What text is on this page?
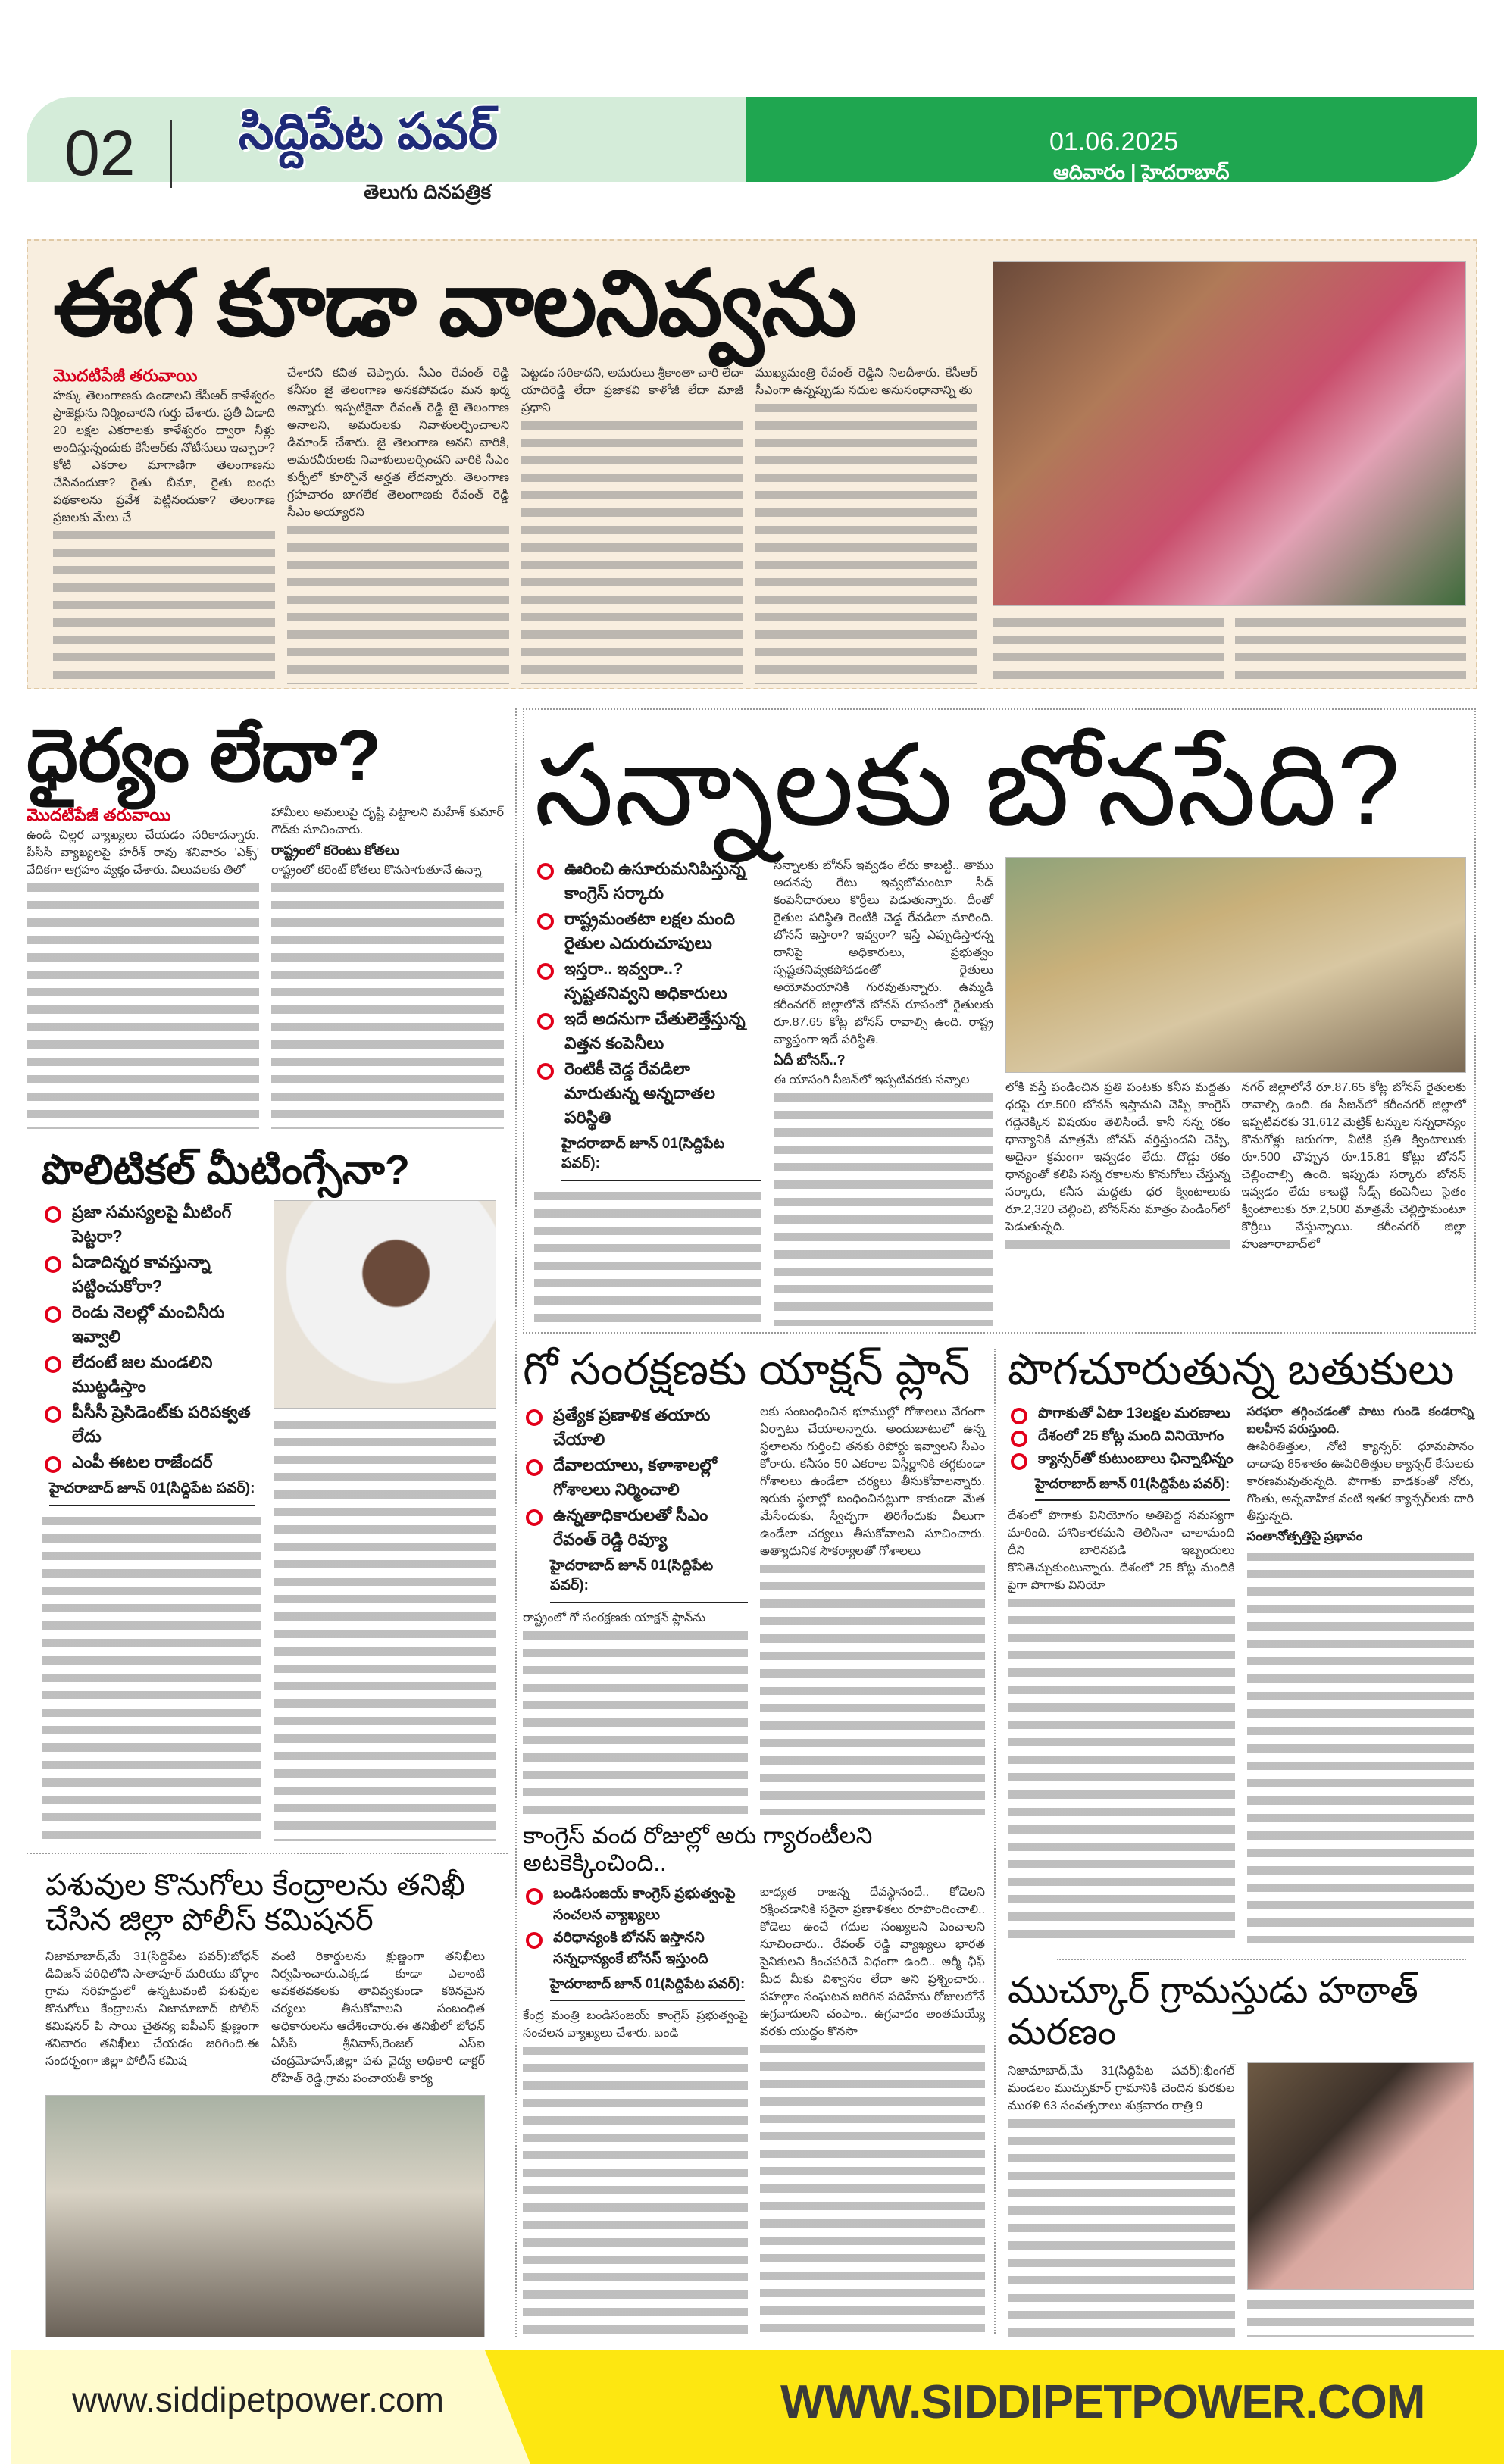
02 సిద్దిపేట పవర్
తెలుగు దినపత్రిక
01.06.2025
ఆదివారం | హైదరాబాద్
ఈగ కూడా వాలనివ్వను
మొదటిపేజీ తరువాయి
హక్కు తెలంగాణకు ఉండాలని కేసీఆర్ కాళేశ్వరం ప్రాజెక్టును నిర్మించారని గుర్తు చేశారు. ప్రతీ ఏడాది 20 లక్షల ఎకరాలకు కాళేశ్వరం ద్వారా నీళ్లు అందిస్తున్నందుకు కేసీఆర్‌కు నోటీసులు ఇచ్చారా? కోటి ఎకరాల మాగాణిగా తెలంగాణను చేసినందుకా? రైతు బీమా, రైతు బంధు పథకాలను ప్రవేశ పెట్టినందుకా? తెలంగాణ ప్రజలకు మేలు చే
చేశారని కవిత చెప్పారు. సీఎం రేవంత్ రెడ్డి కనీసం జై తెలంగాణ అనకపోవడం మన ఖర్మ అన్నారు. ఇప్పటికైనా రేవంత్ రెడ్డి జై తెలంగాణ అనాలని, అమరులకు నివాళులర్పించాలని డిమాండ్ చేశారు. జై తెలంగాణ అనని వారికి, అమరవీరులకు నివాళులులర్పించని వారికి సీఎం కుర్చీలో కూర్చొనే అర్హత లేదన్నారు. తెలంగాణ గ్రహచారం బాగలేక తెలంగాణకు రేవంత్ రెడ్డి సీఎం అయ్యారని
పెట్టడం సరికాదని, అమరులు శ్రీకాంతా చారి లేదా యాదిరెడ్డి లేదా ప్రజాకవి కాళోజీ లేదా మాజీ ప్రధాని
ముఖ్యమంత్రి రేవంత్ రెడ్డిని నిలదీశారు. కేసీఆర్ సీఎంగా ఉన్నప్పుడు నదుల అనుసంధానాన్ని తు
ధైర్యం లేదా?
మొదటిపేజీ తరువాయి
ఉండి చిల్లర వ్యాఖ్యలు చేయడం సరికాదన్నారు. పీసీసీ వ్యాఖ్యలపై హరీశ్ రావు శనివారం 'ఎక్స్' వేదికగా ఆగ్రహం వ్యక్తం చేశారు. విలువలకు తిలో
హామీలు అమలుపై దృష్టి పెట్టాలని మహేశ్ కుమార్ గౌడ్‌కు సూచించారు.
రాష్ట్రంలో కరెంటు కోతలు
రాష్ట్రంలో కరెంట్ కోతలు కొనసాగుతూనే ఉన్నా
సన్నాలకు బోనసేది?
ఊరించి ఉసూరుమనిపిస్తున్న కాంగ్రెస్ సర్కారు
రాష్ట్రమంతటా లక్షల మంది రైతుల ఎదురుచూపులు
ఇస్తరా.. ఇవ్వరా..? స్పష్టతనివ్వని అధికారులు
ఇదే అదనుగా చేతులెత్తేస్తున్న విత్తన కంపెనీలు
రెంటికీ చెడ్డ రేవడిలా మారుతున్న అన్నదాతల పరిస్థితి
హైదరాబాద్ జూన్ 01(సిద్దిపేట పవర్):
సన్నాలకు బోనస్ ఇవ్వడం లేదు కాబట్టి.. తాము అదనపు రేటు ఇవ్వబోమంటూ సీడ్ కంపెనీదారులు కొర్రీలు పెడుతున్నారు. దీంతో రైతుల పరిస్థితి రెంటికి చెడ్డ రేవడిలా మారింది. బోనస్ ఇస్తారా? ఇవ్వరా? ఇస్తే ఎప్పుడిస్తారన్న దానిపై అధికారులు, ప్రభుత్వం స్పష్టతనివ్వకపోవడంతో రైతులు అయోమయానికి గురవుతున్నారు. ఉమ్మడి కరీంనగర్ జిల్లాలోనే బోనస్ రూపంలో రైతులకు రూ.87.65 కోట్ల బోనస్ రావాల్సి ఉంది. రాష్ట్ర వ్యాప్తంగా ఇదే పరిస్థితి.
ఏదీ బోనస్..?
ఈ యాసంగి సీజన్‌లో ఇప్పటివరకు సన్నాల
లోకి వస్తే పండించిన ప్రతి పంటకు కనీస మద్దతు ధరపై రూ.500 బోనస్ ఇస్తామని చెప్పి కాంగ్రెస్ గద్దెనెక్కిన విషయం తెలిసిందే. కానీ సన్న రకం ధాన్యానికి మాత్రమే బోనస్ వర్తిస్తుందని చెప్పి, అదైనా క్రమంగా ఇవ్వడం లేదు. దొడ్డు రకం ధాన్యంతో కలిపి సన్న రకాలను కొనుగోలు చేస్తున్న సర్కారు, కనీస మద్దతు ధర క్వింటాలుకు రూ.2,320 చెల్లించి, బోనస్‌ను మాత్రం పెండింగ్‌లో పెడుతున్నది.
నగర్ జిల్లాలోనే రూ.87.65 కోట్ల బోనస్ రైతులకు రావాల్సి ఉంది. ఈ సీజన్‌లో కరీంనగర్ జిల్లాలో ఇప్పటివరకు 31,612 మెట్రిక్ టన్నుల సన్నధాన్యం కొనుగోళ్లు జరుగగా, వీటికి ప్రతి క్వింటాలుకు రూ.500 చొప్పున రూ.15.81 కోట్లు బోనస్ చెల్లించాల్సి ఉంది. ఇప్పుడు సర్కారు బోనస్ ఇవ్వడం లేదు కాబట్టి సీడ్స్ కంపెనీలు సైతం క్వింటాలుకు రూ.2,500 మాత్రమే చెల్లిస్తామంటూ కొర్రీలు వేస్తున్నాయి. కరీంనగర్ జిల్లా హుజూరాబాద్‌లో
పొలిటికల్ మీటింగ్సేనా?
ప్రజా సమస్యలపై మీటింగ్ పెట్టరా?
ఏడాదిన్నర కావస్తున్నా పట్టించుకోరా?
రెండు నెలల్లో మంచినీరు ఇవ్వాలి
లేదంటే జల మండలిని ముట్టడిస్తాం
పీసీసీ ప్రెసిడెంట్‌కు పరిపక్వత లేదు
ఎంపీ ఈటల రాజేందర్
హైదరాబాద్ జూన్ 01(సిద్దిపేట పవర్):
పశువుల కొనుగోలు కేంద్రాలను తనిఖీ చేసిన జిల్లా పోలీస్ కమిషనర్
నిజామాబాద్,మే 31(సిద్దిపేట పవర్):బోధన్ డివిజన్ పరిధిలోని సాతాపూర్ మరియు బోర్గాం గ్రామ సరిహద్దులో ఉన్నటువంటి పశువుల కొనుగోలు కేంద్రాలను నిజామాబాద్ పోలీస్ కమిషనర్ పి సాయి చైతన్య ఐపీఎస్ క్షుణ్ణంగా శనివారం తనిఖీలు చేయడం జరిగింది.ఈ సందర్భంగా జిల్లా పోలీస్ కమిష
వంటి రికార్డులను క్షుణ్ణంగా తనిఖీలు నిర్వహించారు.ఎక్కడ కూడా ఎలాంటి అవకతవకలకు తావివ్వకుండా కఠినమైన చర్యలు తీసుకోవాలని సంబంధిత అధికారులను ఆదేశించారు.ఈ తనిఖీలో బోధన్ ఏసీపీ శ్రీనివాస్,రెంజల్ ఎస్ఐ చంద్రమోహన్,జిల్లా పశు వైద్య అధికారి డాక్టర్ రోహిత్ రెడ్డి,గ్రామ పంచాయతీ కార్య
గో సంరక్షణకు యాక్షన్ ప్లాన్
ప్రత్యేక ప్రణాళిక తయారు చేయాలి
దేవాలయాలు, కళాశాలల్లో గోశాలలు నిర్మించాలి
ఉన్నతాధికారులతో సీఎం రేవంత్ రెడ్డి రివ్యూ
హైదరాబాద్ జూన్ 01(సిద్దిపేట పవర్):
రాష్ట్రంలో గో సంరక్షణకు యాక్షన్ ప్లాన్‌ను
లకు సంబంధించిన భూముల్లో గోశాలలు వేగంగా ఏర్పాటు చేయాలన్నారు. అందుబాటులో ఉన్న స్థలాలను గుర్తించి తనకు రిపోర్టు ఇవ్వాలని సీఎం కోరారు. కనీసం 50 ఎకరాల విస్తీర్ణానికి తగ్గకుండా గోశాలలు ఉండేలా చర్యలు తీసుకోవాలన్నారు. ఇరుకు స్థలాల్లో బంధించినట్లుగా కాకుండా మేత మేసేందుకు, స్వేచ్ఛగా తిరిగేందుకు వీలుగా ఉండేలా చర్యలు తీసుకోవాలని సూచించారు. అత్యాధునిక సౌకర్యాలతో గోశాలలు
పొగచూరుతున్న బతుకులు
పొగాకుతో ఏటా 13లక్షల మరణాలు
దేశంలో 25 కోట్ల మంది వినియోగం
క్యాన్సర్‌తో కుటుంబాలు ఛిన్నాభిన్నం
హైదరాబాద్ జూన్ 01(సిద్దిపేట పవర్):
దేశంలో పొగాకు వినియోగం అతిపెద్ద సమస్యగా మారింది. హానికారకమని తెలిసినా చాలామంది దీని బారినపడి ఇబ్బందులు కొనితెచ్చుకుంటున్నారు. దేశంలో 25 కోట్ల మందికి పైగా పొగాకు వినియో
సరఫరా తగ్గించడంతో పాటు గుండె కండరాన్ని బలహీన పరుస్తుంది.
ఊపిరితిత్తుల, నోటి క్యాన్సర్: ధూమపానం దాదాపు 85శాతం ఊపిరితిత్తుల క్యాన్సర్ కేసులకు కారణమవుతున్నది. పొగాకు వాడకంతో నోరు, గొంతు, అన్నవాహిక వంటి ఇతర క్యాన్సర్‌లకు దారి తీస్తున్నది.
సంతానోత్పత్తిపై ప్రభావం
కాంగ్రెస్ వంద రోజుల్లో అరు గ్యారంటీలని అటకెక్కించింది..
బండిసంజయ్ కాంగ్రెస్ ప్రభుత్వంపై సంచలన వ్యాఖ్యలు
వరిధాన్యంకి బోనస్ ఇస్తానని సన్నధాన్యంకే బోనస్ ఇస్తుంది
హైదరాబాద్ జూన్ 01(సిద్దిపేట పవర్):
కేంద్ర మంత్రి బండిసంజయ్ కాంగ్రెస్ ప్రభుత్వంపై సంచలన వ్యాఖ్యలు చేశారు. బండి
బాధ్యత రాజన్న దేవస్థానందే.. కోడెలని రక్షించడానికి సరైనా ప్రణాళికలు రూపొందించాలి.. కోడెలు ఉంచే గదుల సంఖ్యలని పెంచాలని సూచించారు.. రేవంత్ రెడ్డి వ్యాఖ్యలు భారత సైనికులని కించపరిచే విధంగా ఉంది.. అర్మీ ఛీఫ్ మీద మీకు విశ్వాసం లేదా అని ప్రశ్నించారు.. పహల్గాం సంఘటన జరిగిన పదిహేను రోజులలోనే ఉగ్రవాదులని చంపాం.. ఉగ్రవాదం అంతమయ్యే వరకు యుద్ధం కొనసా
ముచ్కూర్ గ్రామస్తుడు హఠాత్ మరణం
నిజామాబాద్,మే 31(సిద్దిపేట పవర్):భీంగల్ మండలం ముచ్చుకూర్ గ్రామానికి చెందిన కురకుల మురళి 63 సంవత్సరాలు శుక్రవారం రాత్రి 9
www.siddipetpower.com	WWW.SIDDIPETPOWER.COM
